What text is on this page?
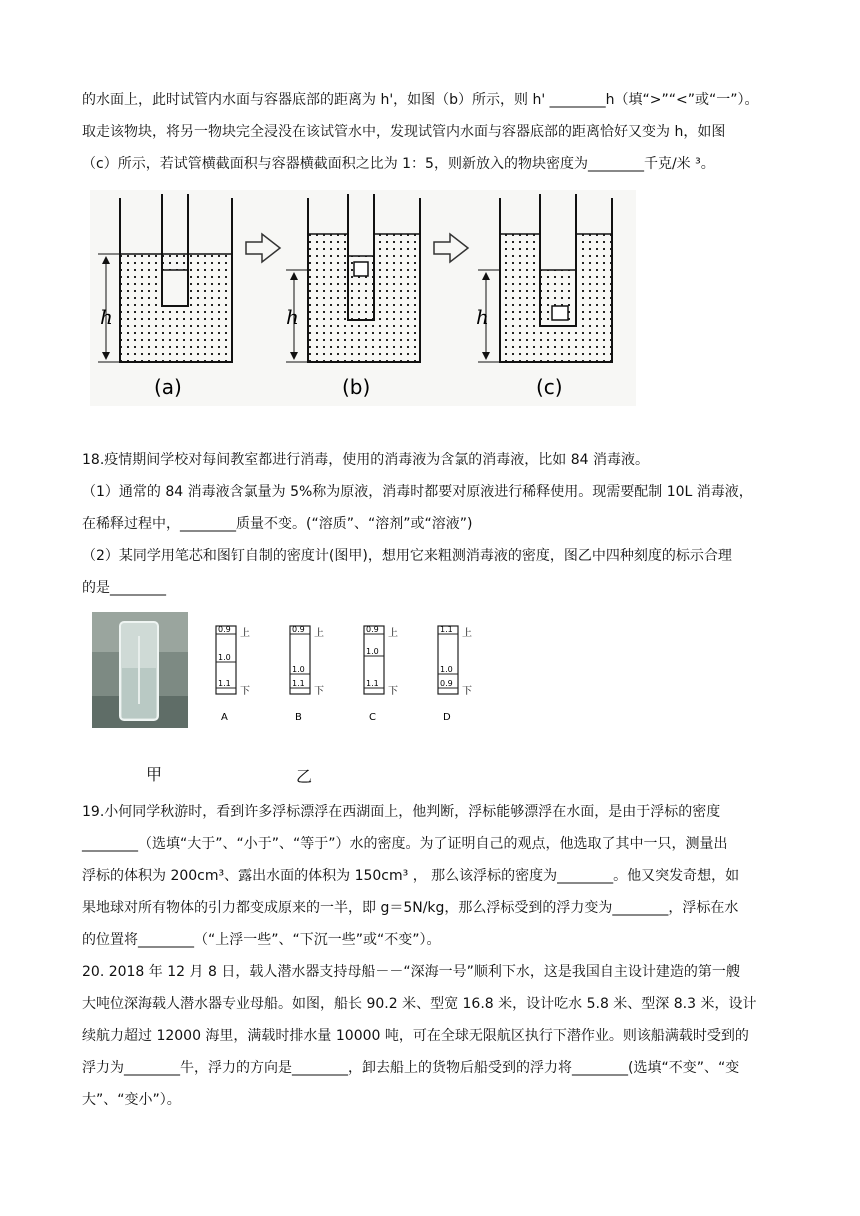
的水面上，此时试管内水面与容器底部的距离为 h'，如图（b）所示，则 h' ________h（填“>”“<”或“一”）。
取走该物块，将另一物块完全浸没在该试管水中，发现试管内水面与容器底部的距离恰好又变为 h，如图
（c）所示，若试管横截面积与容器横截面积之比为 1：5，则新放入的物块密度为________千克/米 ³。
h	h	h
(a)	(b)	(c)
18.疫情期间学校对每间教室都进行消毒，使用的消毒液为含氯的消毒液，比如 84 消毒液。
（1）通常的 84 消毒液含氯量为 5%称为原液，消毒时都要对原液进行稀释使用。现需要配制 10L 消毒液，
在稀释过程中，________质量不变。(“溶质”、“溶剂”或“溶液”)
（2）某同学用笔芯和图钉自制的密度计(图甲)，想用它来粗测消毒液的密度，图乙中四种刻度的标示合理
的是________
0.9
1.0
1.1
上
下
A
0.9
1.0
1.1
上
下
B
0.9
1.0
1.1
上
下
C
1.1
1.0
0.9
上
下
D
甲	乙
19.小何同学秋游时，看到许多浮标漂浮在西湖面上，他判断，浮标能够漂浮在水面，是由于浮标的密度
________（选填“大于”、“小于”、“等于”）水的密度。为了证明自己的观点，他选取了其中一只，测量出
浮标的体积为 200cm³、露出水面的体积为 150cm³ ， 那么该浮标的密度为________。他又突发奇想，如
果地球对所有物体的引力都变成原来的一半，即 g＝5N/kg，那么浮标受到的浮力变为________，浮标在水
的位置将________（“上浮一些”、“下沉一些”或“不变”）。
20. 2018 年 12 月 8 日，载人潜水器支持母船－－“深海一号”顺利下水，这是我国自主设计建造的第一艘
大吨位深海载人潜水器专业母船。如图，船长 90.2 米、型宽 16.8 米，设计吃水 5.8 米、型深 8.3 米，设计
续航力超过 12000 海里，满载时排水量 10000 吨，可在全球无限航区执行下潜作业。则该船满载时受到的
浮力为________牛，浮力的方向是________，卸去船上的货物后船受到的浮力将________(选填“不变”、“变
大”、“变小”）。
